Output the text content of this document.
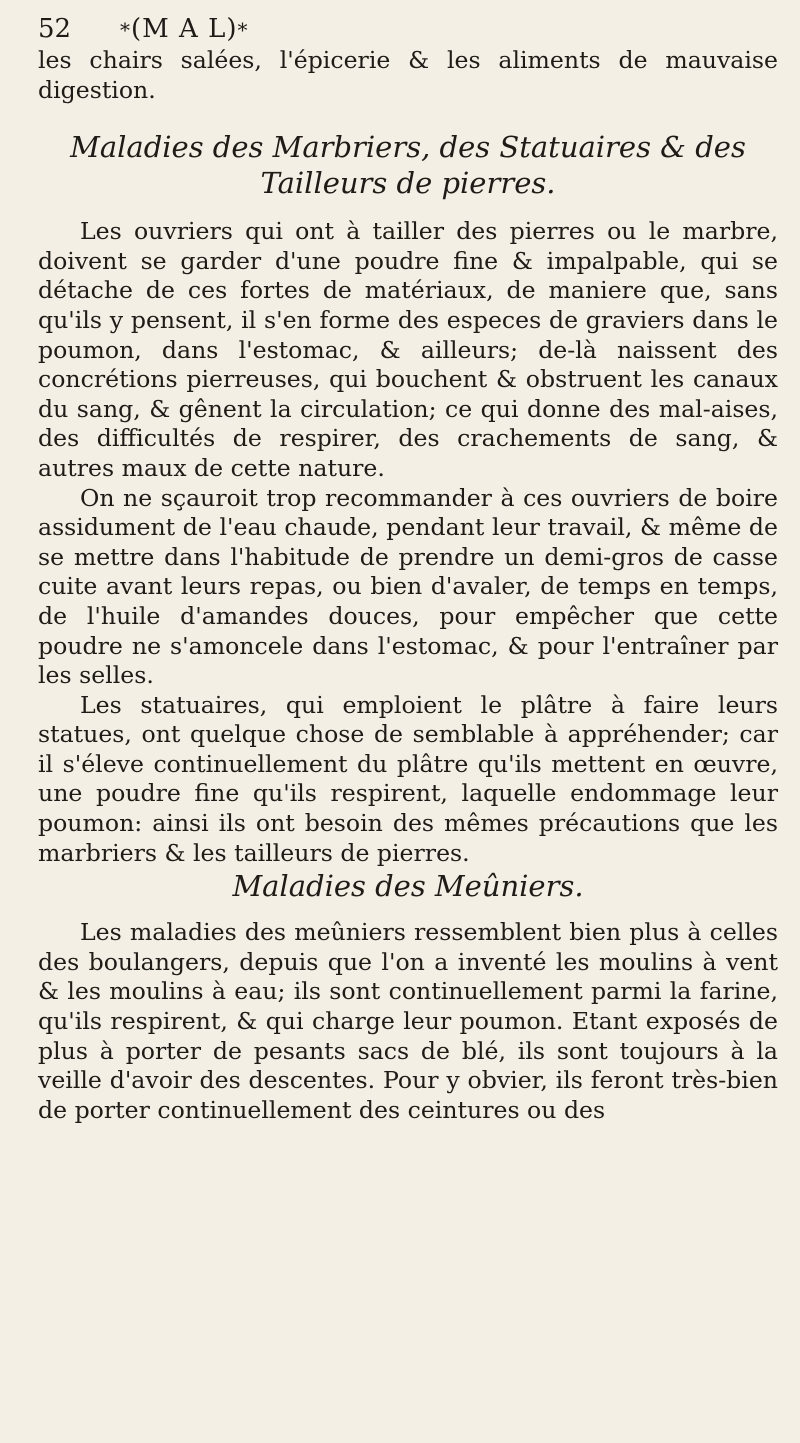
52 *(M A L)*

les chairs salées, l'épicerie & les aliments de mauvaise digestion.

Maladies des Marbriers, des Statuaires & des Tailleurs de pierres.

Les ouvriers qui ont à tailler des pierres ou le marbre, doivent se garder d'une poudre fine & impalpable, qui se détache de ces fortes de matériaux, de maniere que, sans qu'ils y pensent, il s'en forme des especes de graviers dans le poumon, dans l'estomac, & ailleurs; de-là naissent des concrétions pierreuses, qui bouchent & obstruent les canaux du sang, & gênent la circulation; ce qui donne des mal-aises, des difficultés de respirer, des crachements de sang, & autres maux de cette nature.

On ne sçauroit trop recommander à ces ouvriers de boire assidument de l'eau chaude, pendant leur travail, & même de se mettre dans l'habitude de prendre un demi-gros de casse cuite avant leurs repas, ou bien d'avaler, de temps en temps, de l'huile d'amandes douces, pour empêcher que cette poudre ne s'amoncele dans l'estomac, & pour l'entraîner par les selles.

Les statuaires, qui emploient le plâtre à faire leurs statues, ont quelque chose de semblable à appréhender; car il s'éleve continuellement du plâtre qu'ils mettent en œuvre, une poudre fine qu'ils respirent, laquelle endommage leur poumon: ainsi ils ont besoin des mêmes précautions que les marbriers & les tailleurs de pierres.

Maladies des Meûniers.

Les maladies des meûniers ressemblent bien plus à celles des boulangers, depuis que l'on a inventé les moulins à vent & les moulins à eau; ils sont continuellement parmi la farine, qu'ils respirent, & qui charge leur poumon. Etant exposés de plus à porter de pesants sacs de blé, ils sont toujours à la veille d'avoir des descentes. Pour y obvier, ils feront très-bien de porter continuellement des ceintures ou des
